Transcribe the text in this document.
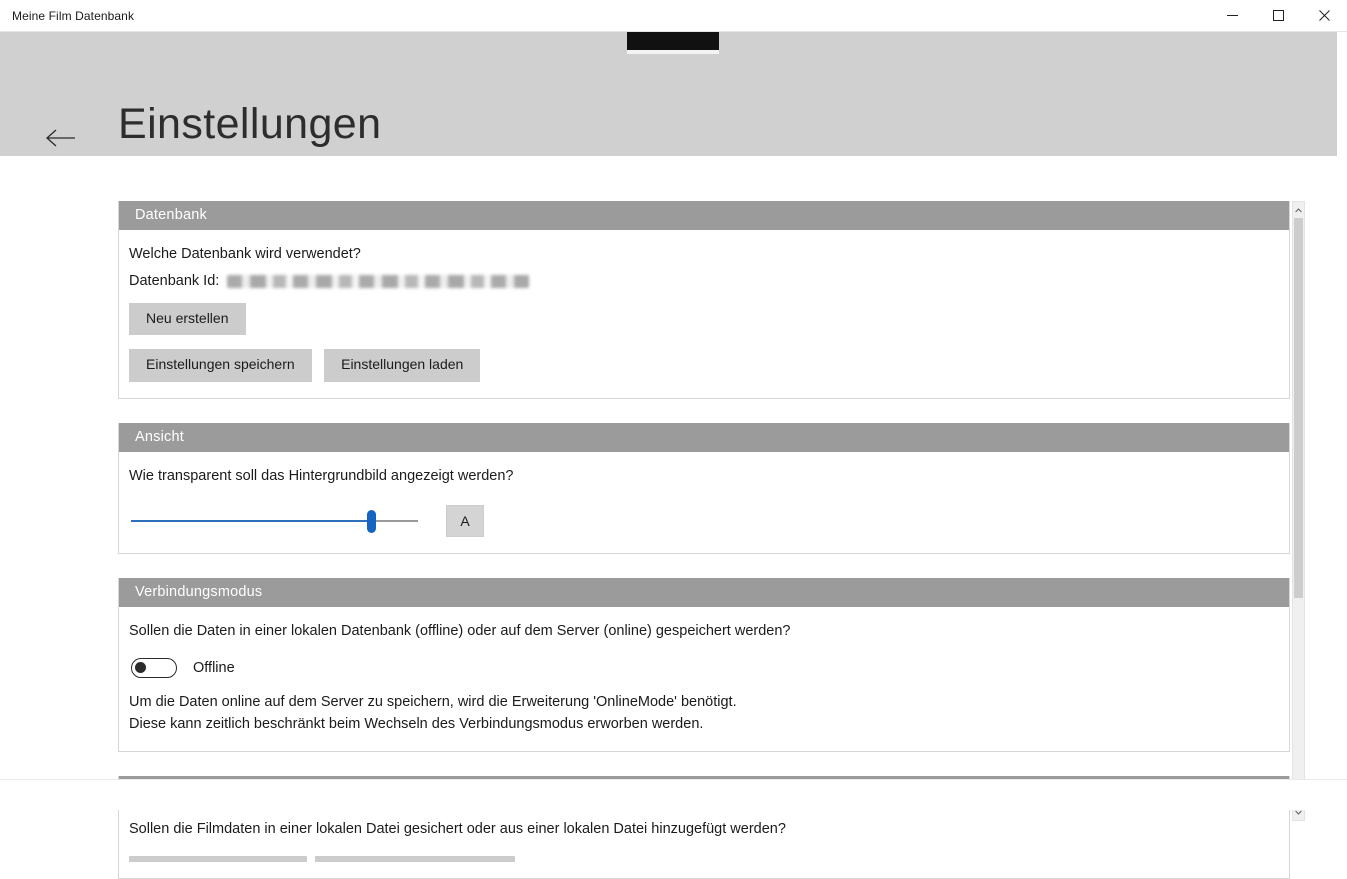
Meine Film Datenbank
Einstellungen
Datenbank

Welche Datenbank wird verwendet?

Datenbank Id:
Neu erstellen
Einstellungen speichern	Einstellungen laden
Ansicht

Wie transparent soll das Hintergrundbild angezeigt werden?

A
Verbindungsmodus

Sollen die Daten in einer lokalen Datenbank (offline) oder auf dem Server (online) gespeichert werden?

Offline
Um die Daten online auf dem Server zu speichern, wird die Erweiterung 'OnlineMode' benötigt.
Diese kann zeitlich beschränkt beim Wechseln des Verbindungsmodus erworben werden.

Sollen die Filmdaten in einer lokalen Datei gesichert oder aus einer lokalen Datei hinzugefügt werden?
